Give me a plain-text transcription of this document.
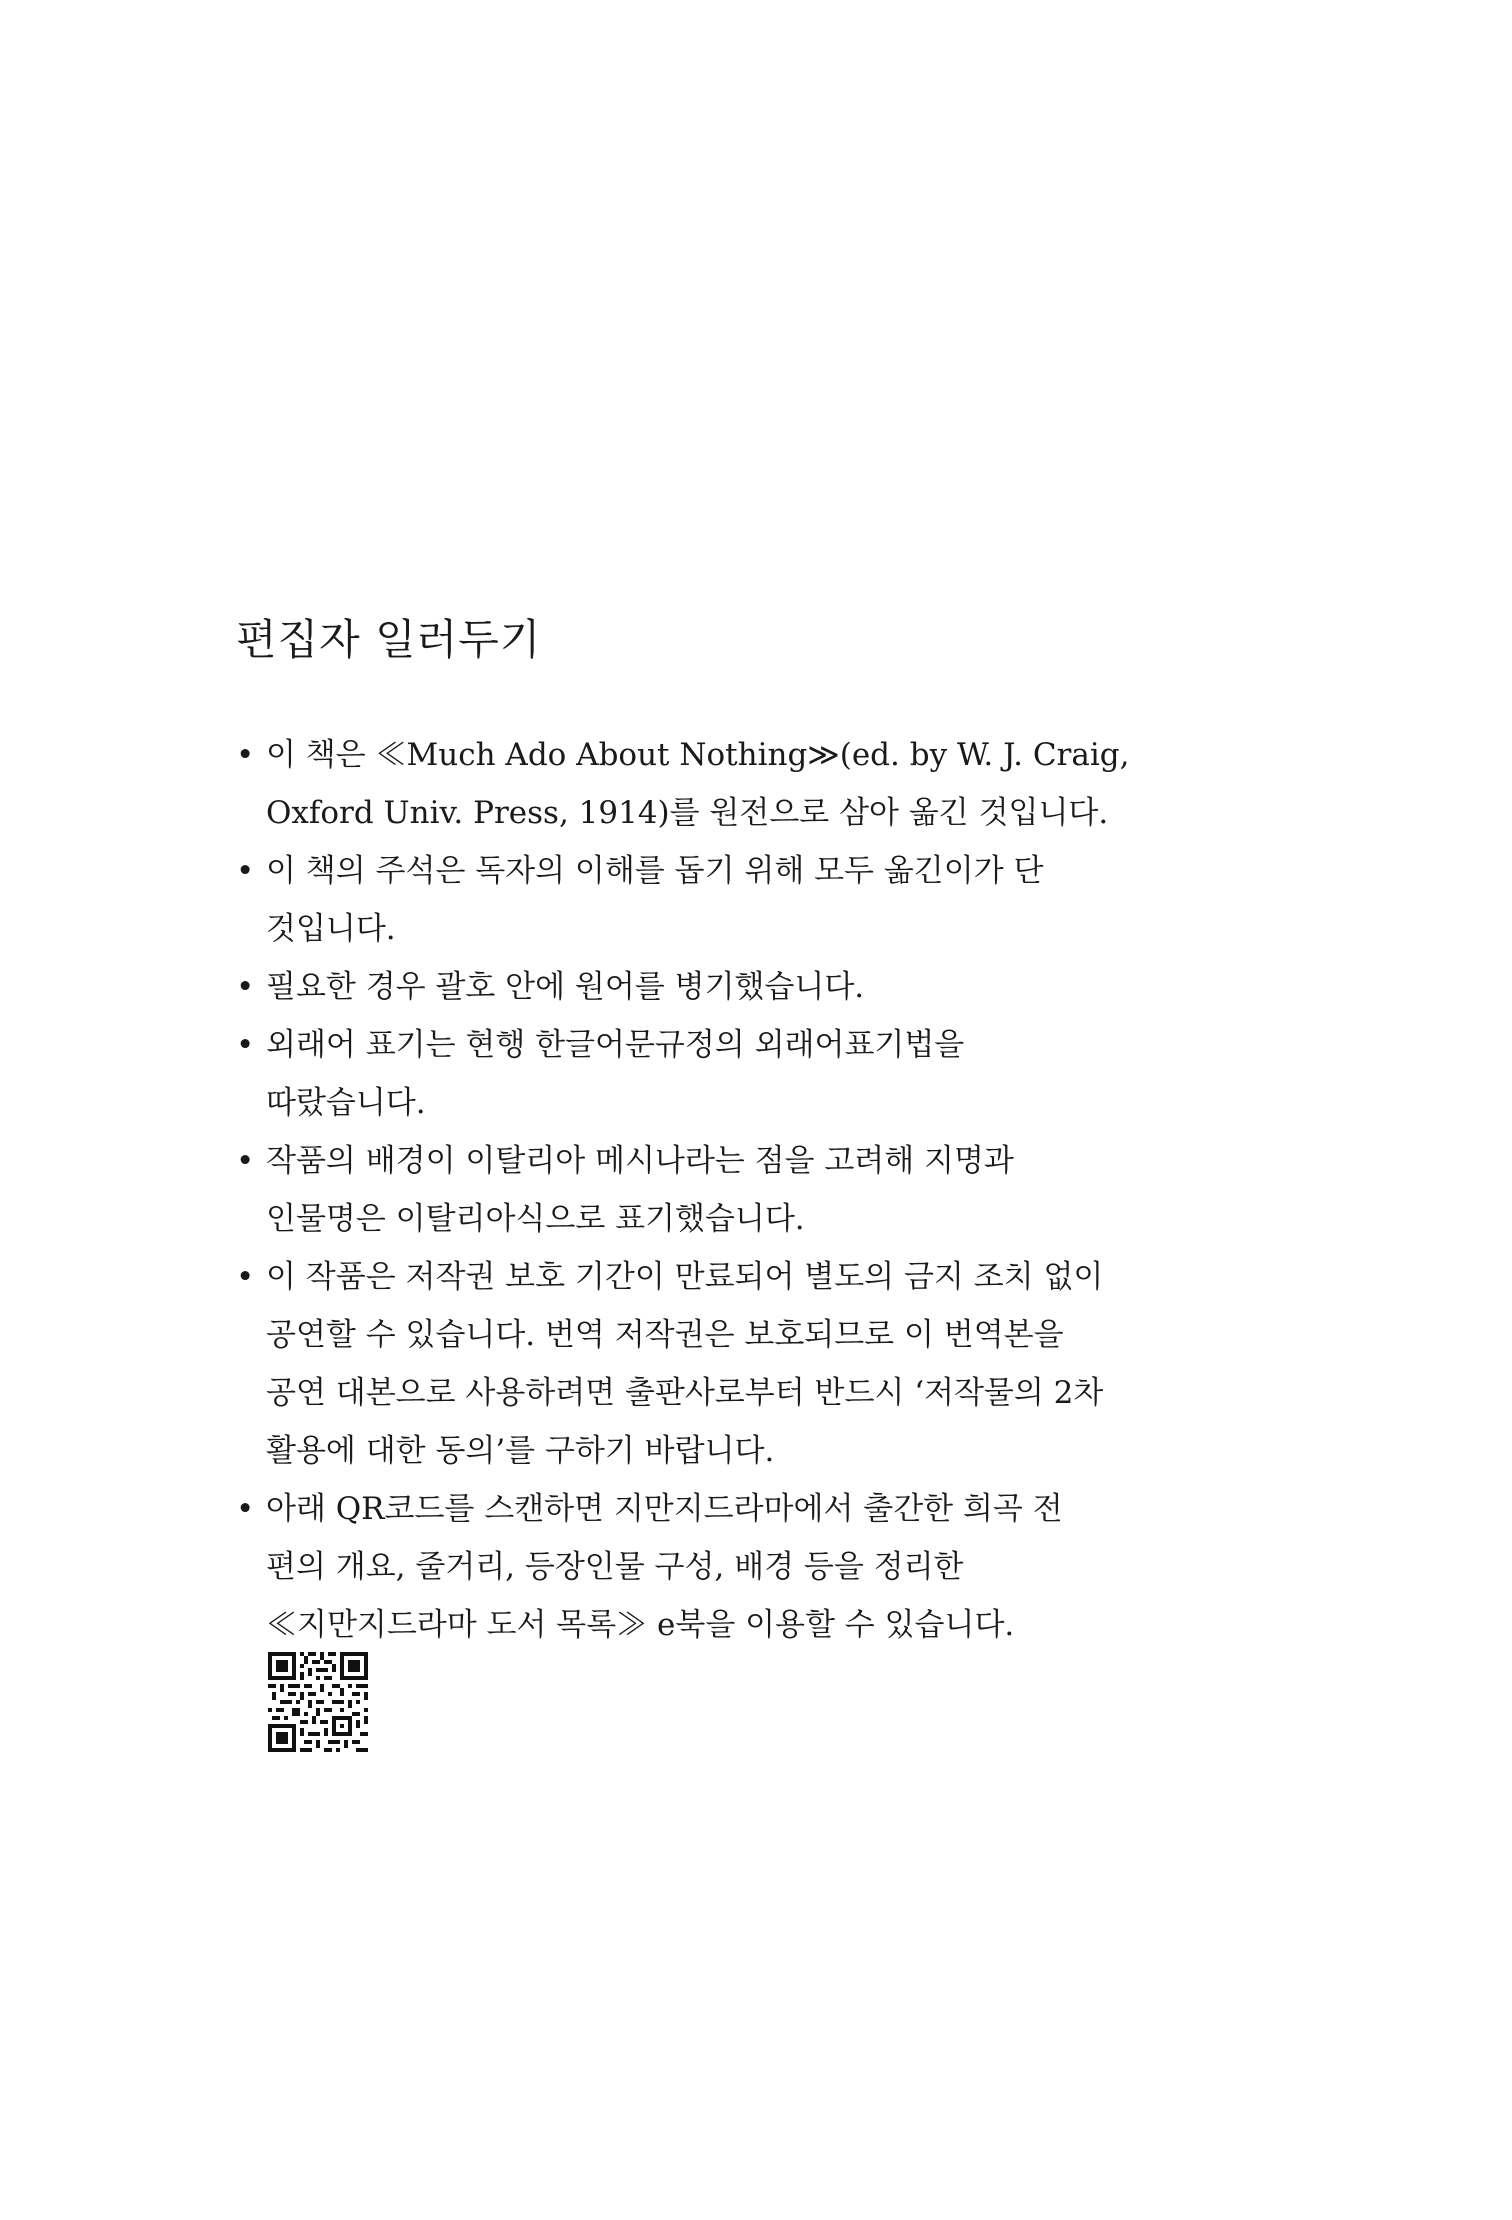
편집자 일러두기
• 이 책은 ≪Much Ado About Nothing≫(ed. by W. J. Craig,
Oxford Univ. Press, 1914)를 원전으로 삼아 옮긴 것입니다.
• 이 책의 주석은 독자의 이해를 돕기 위해 모두 옮긴이가 단
것입니다.
• 필요한 경우 괄호 안에 원어를 병기했습니다.
• 외래어 표기는 현행 한글어문규정의 외래어표기법을
따랐습니다.
• 작품의 배경이 이탈리아 메시나라는 점을 고려해 지명과
인물명은 이탈리아식으로 표기했습니다.
• 이 작품은 저작권 보호 기간이 만료되어 별도의 금지 조치 없이
공연할 수 있습니다. 번역 저작권은 보호되므로 이 번역본을
공연 대본으로 사용하려면 출판사로부터 반드시 ‘저작물의 2차
활용에 대한 동의’를 구하기 바랍니다.
• 아래 QR코드를 스캔하면 지만지드라마에서 출간한 희곡 전
편의 개요, 줄거리, 등장인물 구성, 배경 등을 정리한
≪지만지드라마 도서 목록≫ e북을 이용할 수 있습니다.
